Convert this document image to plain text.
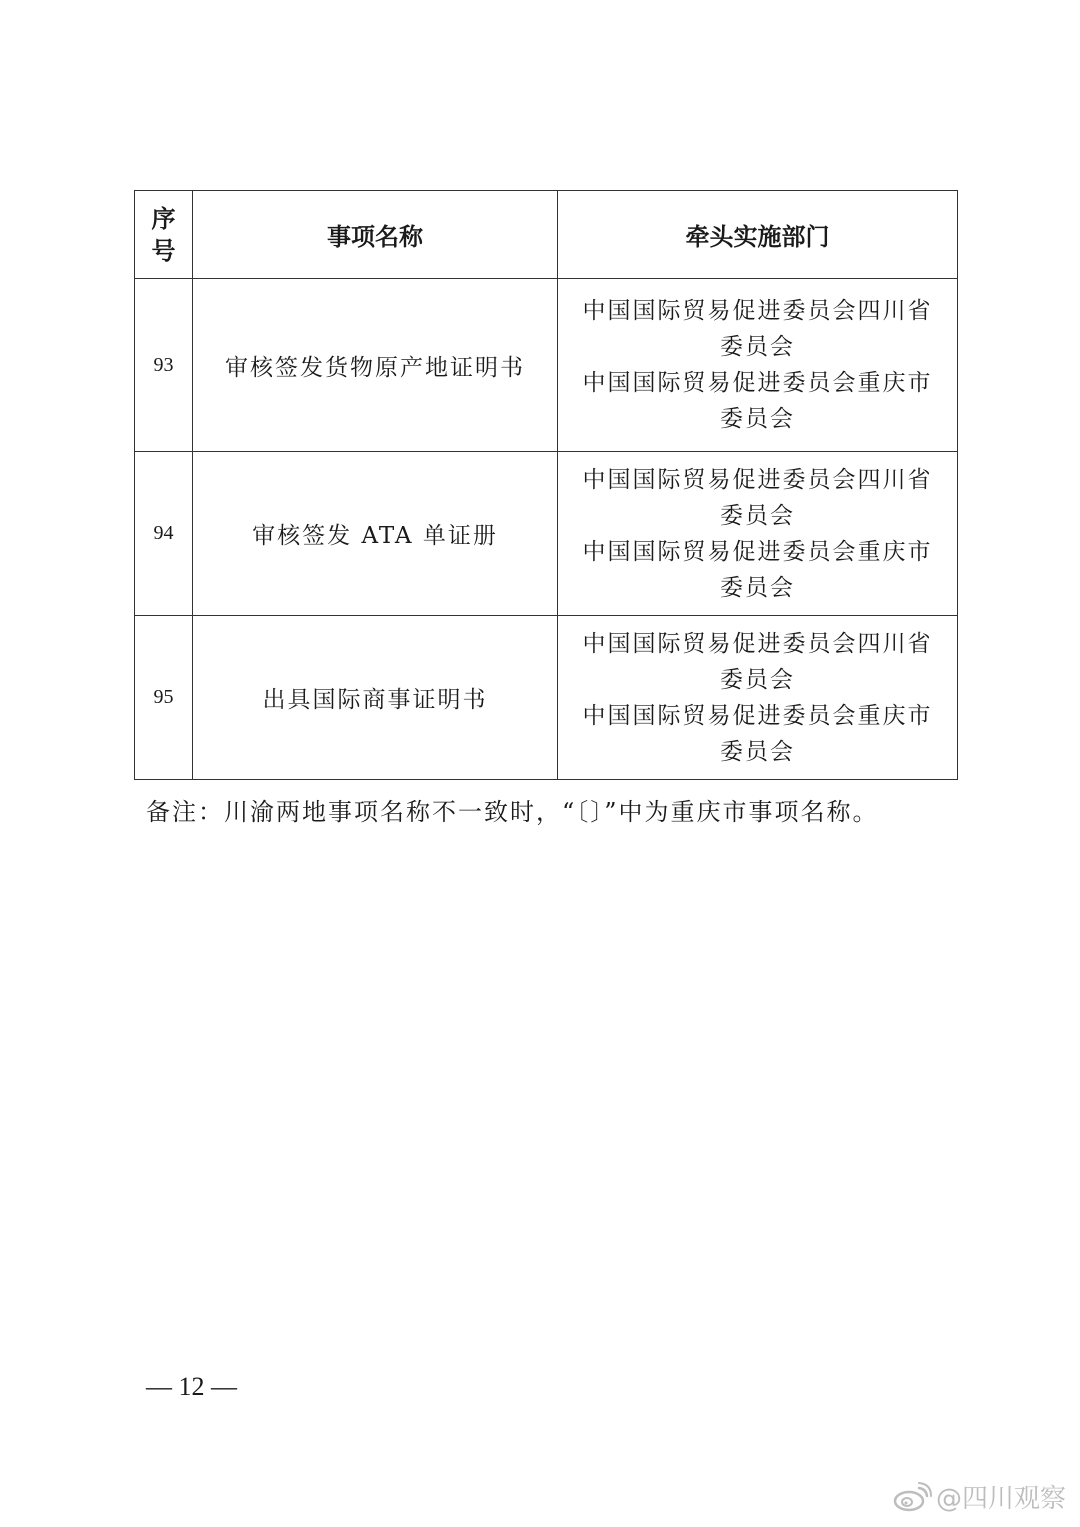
序
号	事项名称	牵头实施部门
93	审核签发货物原产地证明书	中国国际贸易促进委员会四川省
委员会
中国国际贸易促进委员会重庆市
委员会

94	审核签发 ATA 单证册	中国国际贸易促进委员会四川省
委员会
中国国际贸易促进委员会重庆市
委员会

95	出具国际商事证明书	中国国际贸易促进委员会四川省
委员会
中国国际贸易促进委员会重庆市
委员会
备注：川渝两地事项名称不一致时，“〔〕”中为重庆市事项名称。
— 12 —
@四川观察
